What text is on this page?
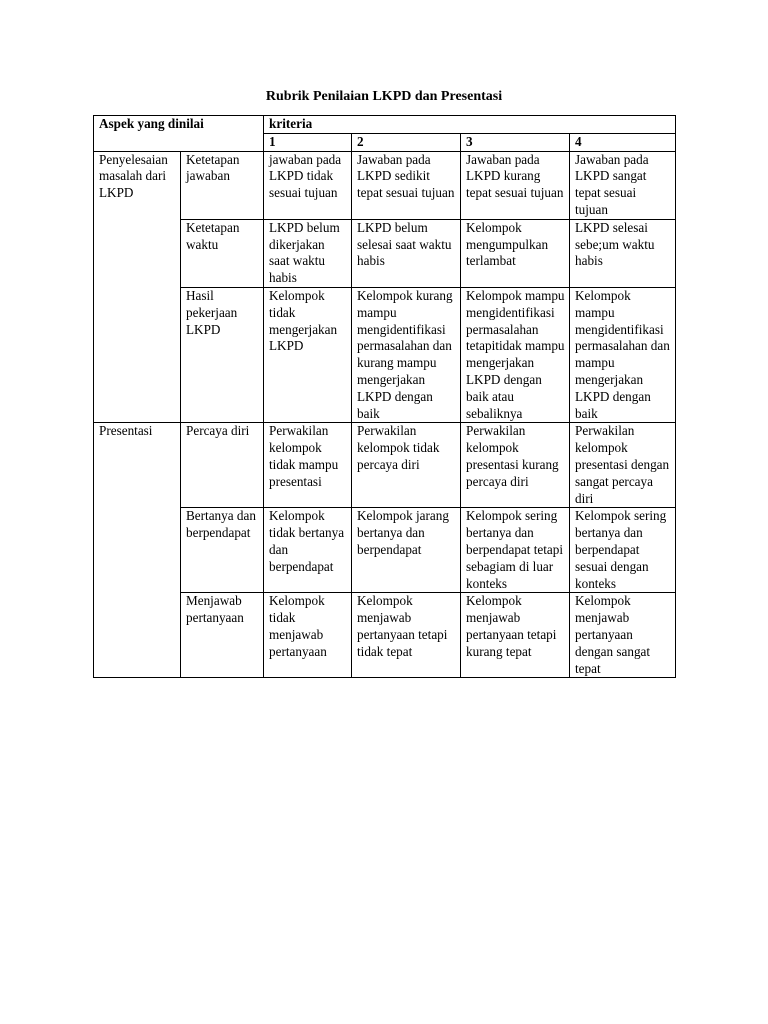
Rubrik Penilaian LKPD dan Presentasi
Aspek yang dinilai		kriteria			
		1	2	3	4
Penyelesaian masalah dari LKPD	Ketetapan jawaban	jawaban pada LKPD tidak sesuai tujuan	Jawaban pada LKPD sedikit tepat sesuai tujuan	Jawaban pada LKPD kurang tepat sesuai tujuan	Jawaban pada LKPD sangat tepat sesuai tujuan
	Ketetapan waktu	LKPD belum dikerjakan saat waktu habis	LKPD belum selesai saat waktu habis	Kelompok mengumpulkan terlambat	LKPD selesai sebe;um waktu habis
	Hasil pekerjaan LKPD	Kelompok tidak mengerjakan LKPD	Kelompok kurang mampu mengidentifikasi permasalahan dan kurang mampu mengerjakan LKPD dengan baik	Kelompok mampu mengidentifikasi permasalahan tetapitidak mampu mengerjakan LKPD dengan baik atau sebaliknya	Kelompok mampu mengidentifikasi permasalahan dan mampu mengerjakan LKPD dengan baik
Presentasi	Percaya diri	Perwakilan kelompok tidak mampu presentasi	Perwakilan kelompok tidak percaya diri	Perwakilan kelompok presentasi kurang percaya diri	Perwakilan kelompok presentasi dengan sangat percaya diri
	Bertanya dan berpendapat	Kelompok tidak bertanya dan berpendapat	Kelompok jarang bertanya dan berpendapat	Kelompok sering bertanya dan berpendapat tetapi sebagiam di luar konteks	Kelompok sering bertanya dan berpendapat sesuai dengan konteks
	Menjawab pertanyaan	Kelompok tidak menjawab pertanyaan	Kelompok menjawab pertanyaan tetapi tidak tepat	Kelompok menjawab pertanyaan tetapi kurang tepat	Kelompok menjawab pertanyaan dengan sangat tepat
